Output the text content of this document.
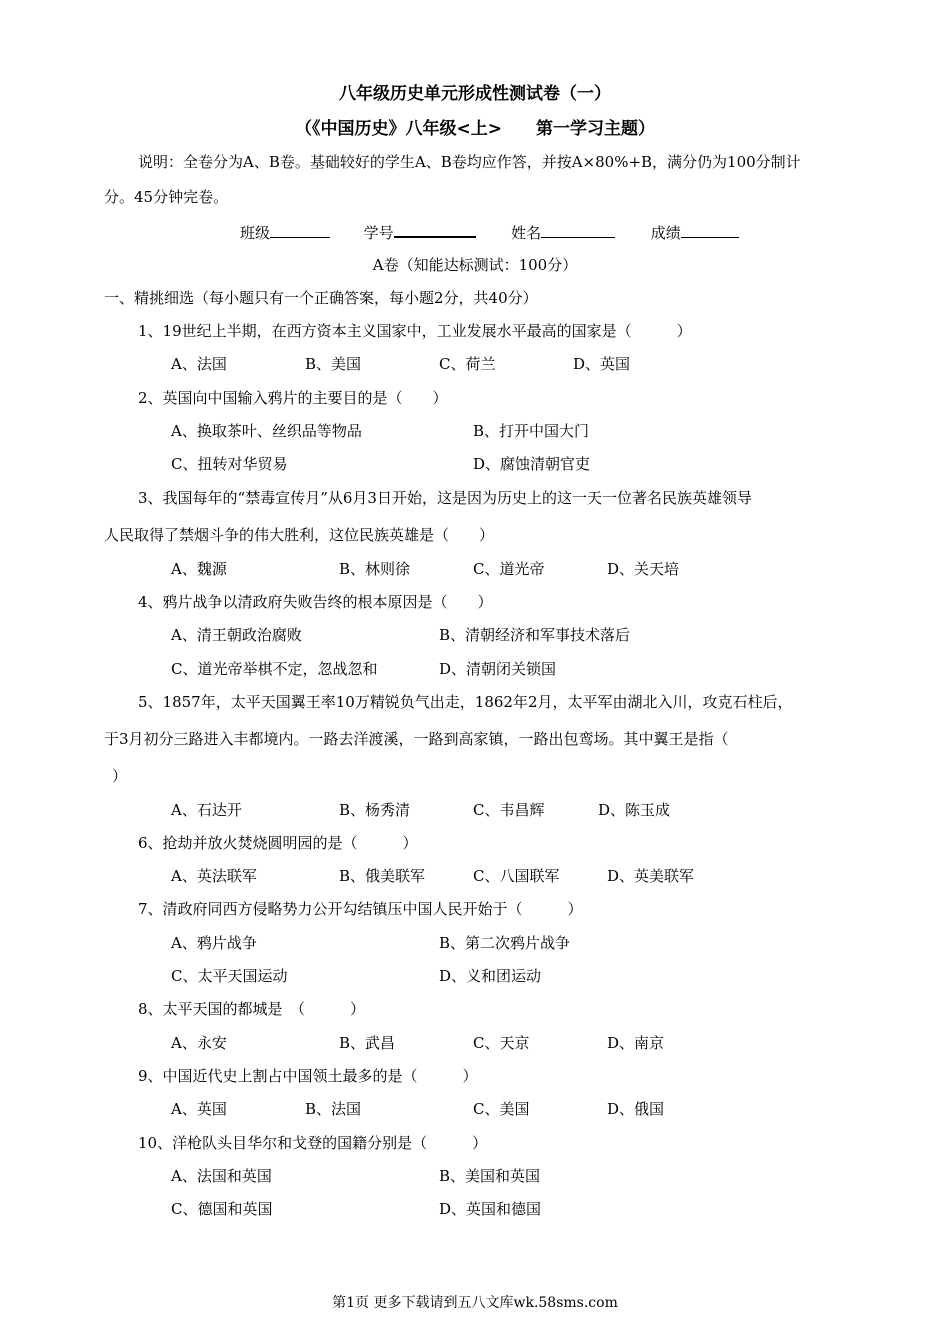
八年级历史单元形成性测试卷（一）
（《中国历史》八年级<上>　　第一学习主题）
说明：全卷分为A、B卷。基础较好的学生A、B卷均应作答，并按A×80%+B，满分仍为100分制计
分。45分钟完卷。
班级	学号	姓名	成绩
A卷（知能达标测试：100分）
一、精挑细选（每小题只有一个正确答案，每小题2分，共40分）
1、19世纪上半期，在西方资本主义国家中，工业发展水平最高的国家是（　　　）
A、法国	B、美国	C、荷兰	D、英国
2、英国向中国输入鸦片的主要目的是（　　）
A、换取茶叶、丝织品等物品	B、打开中国大门
C、扭转对华贸易	D、腐蚀清朝官吏
3、我国每年的“禁毒宣传月”从6月3日开始，这是因为历史上的这一天一位著名民族英雄领导
人民取得了禁烟斗争的伟大胜利，这位民族英雄是（　　）
A、魏源	B、林则徐	C、道光帝	D、关天培
4、鸦片战争以清政府失败告终的根本原因是（　　）
A、清王朝政治腐败	B、清朝经济和军事技术落后
C、道光帝举棋不定，忽战忽和	D、清朝闭关锁国
5、1857年，太平天国翼王率10万精锐负气出走，1862年2月，太平军由湖北入川，攻克石柱后，
于3月初分三路进入丰都境内。一路去洋渡溪，一路到高家镇，一路出包鸾场。其中翼王是指（
）
A、石达开	B、杨秀清	C、韦昌辉	D、陈玉成
6、抢劫并放火焚烧圆明园的是（　　　）
A、英法联军	B、俄美联军	C、八国联军	D、英美联军
7、清政府同西方侵略势力公开勾结镇压中国人民开始于（　　　）
A、鸦片战争	B、第二次鸦片战争
C、太平天国运动	D、义和团运动
8、太平天国的都城是　（　　　）
A、永安	B、武昌	C、天京	D、南京
9、中国近代史上割占中国领土最多的是（　　　）
A、英国	B、法国	C、美国	D、俄国
10、洋枪队头目华尔和戈登的国籍分别是（　　　）
A、法国和英国	B、美国和英国
C、德国和英国	D、英国和德国
第1页 更多下载请到五八文库wk.58sms.com
